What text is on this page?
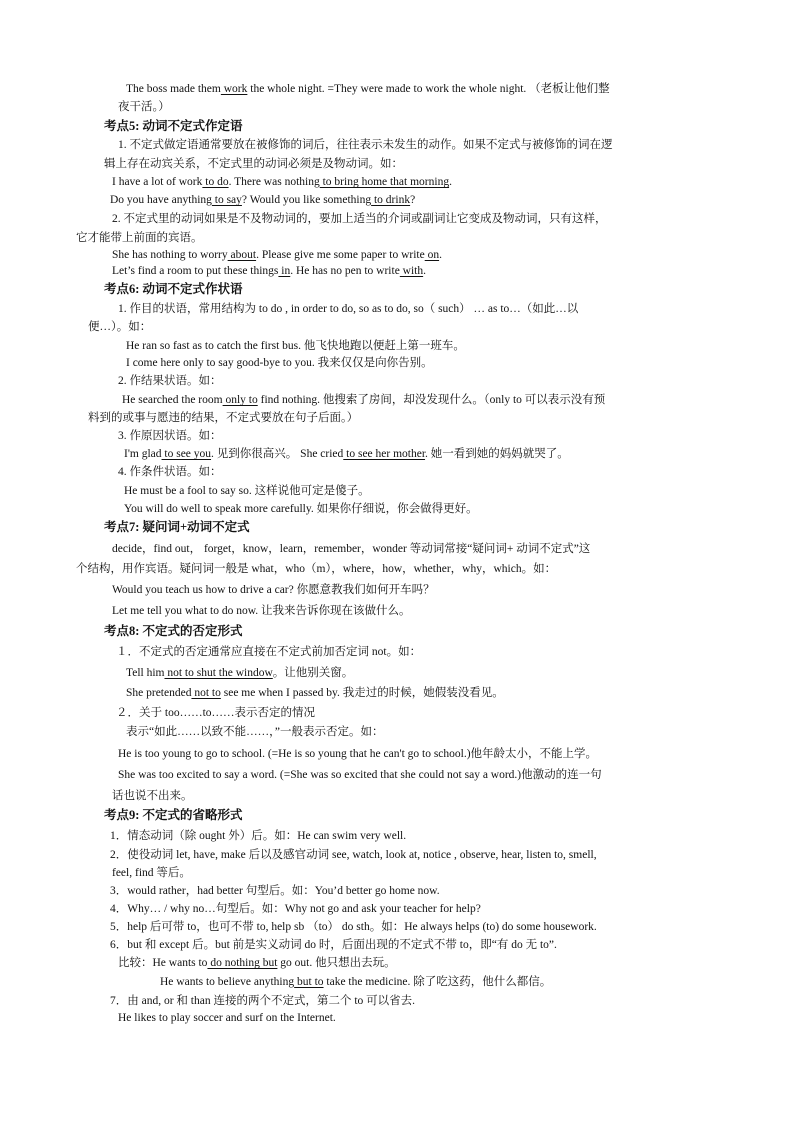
The boss made them work the whole night. =They were made to work the whole night. （老板让他们整
夜干活。）
考点5: 动词不定式作定语
1. 不定式做定语通常要放在被修饰的词后，往往表示未发生的动作。如果不定式与被修饰的词在逻
辑上存在动宾关系，不定式里的动词必须是及物动词。如：
I have a lot of work to do. There was nothing to bring home that morning.
Do you have anything to say? Would you like something to drink?
2. 不定式里的动词如果是不及物动词的，要加上适当的介词或副词让它变成及物动词，只有这样，
它才能带上前面的宾语。
She has nothing to worry about. Please give me some paper to write on.
Let’s find a room to put these things in. He has no pen to write with.
考点6: 动词不定式作状语
1. 作目的状语，常用结构为 to do , in order to do, so as to do, so（ such） … as to…（如此…以
便…）。如：
He ran so fast as to catch the first bus. 他飞快地跑以便赶上第一班车。
I come here only to say good-bye to you. 我来仅仅是向你告别。
2. 作结果状语。如：
He searched the room only to find nothing. 他搜索了房间，却没发现什么。（only to 可以表示没有预
料到的或事与愿违的结果，不定式要放在句子后面。）
3. 作原因状语。如：
I'm glad to see you. 见到你很高兴。 She cried to see her mother. 她一看到她的妈妈就哭了。
4. 作条件状语。如：
He must be a fool to say so. 这样说他可定是傻子。
You will do well to speak more carefully. 如果你仔细说，你会做得更好。
考点7: 疑问词+动词不定式
decide，find out， forget，know，learn，remember，wonder 等动词常接“疑问词+ 动词不定式”这
个结构，用作宾语。疑问词一般是 what，who（m），where，how，whether，why，which。如：
Would you teach us how to drive a car? 你愿意教我们如何开车吗？
Let me tell you what to do now. 让我来告诉你现在该做什么。
考点8: 不定式的否定形式
１．不定式的否定通常应直接在不定式前加否定词 not。如：
Tell him not to shut the window。让他别关窗。
She pretended not to see me when I passed by. 我走过的时候，她假装没看见。
２．关于 too……to……表示否定的情况
表示“如此……以致不能……，”一般表示否定。如：
He is too young to go to school. (=He is so young that he can't go to school.)他年龄太小，不能上学。
She was too excited to say a word. (=She was so excited that she could not say a word.)他激动的连一句
话也说不出来。
考点9: 不定式的省略形式
1．情态动词（除 ought 外）后。如：He can swim very well.
2．使役动词 let, have, make 后以及感官动词 see, watch, look at, notice , observe, hear, listen to, smell,
feel, find 等后。
3．would rather，had better 句型后。如：You’d better go home now.
4．Why… / why no…句型后。如：Why not go and ask your teacher for help?
5．help 后可带 to，也可不带 to, help sb （to） do sth。如：He always helps (to) do some housework.
6．but 和 except 后。but 前是实义动词 do 时，后面出现的不定式不带 to，即“有 do 无 to”.
比较：He wants to do nothing but go out. 他只想出去玩。
He wants to believe anything but to take the medicine. 除了吃这药，他什么都信。
7．由 and, or 和 than 连接的两个不定式，第二个 to 可以省去.
He likes to play soccer and surf on the Internet.
